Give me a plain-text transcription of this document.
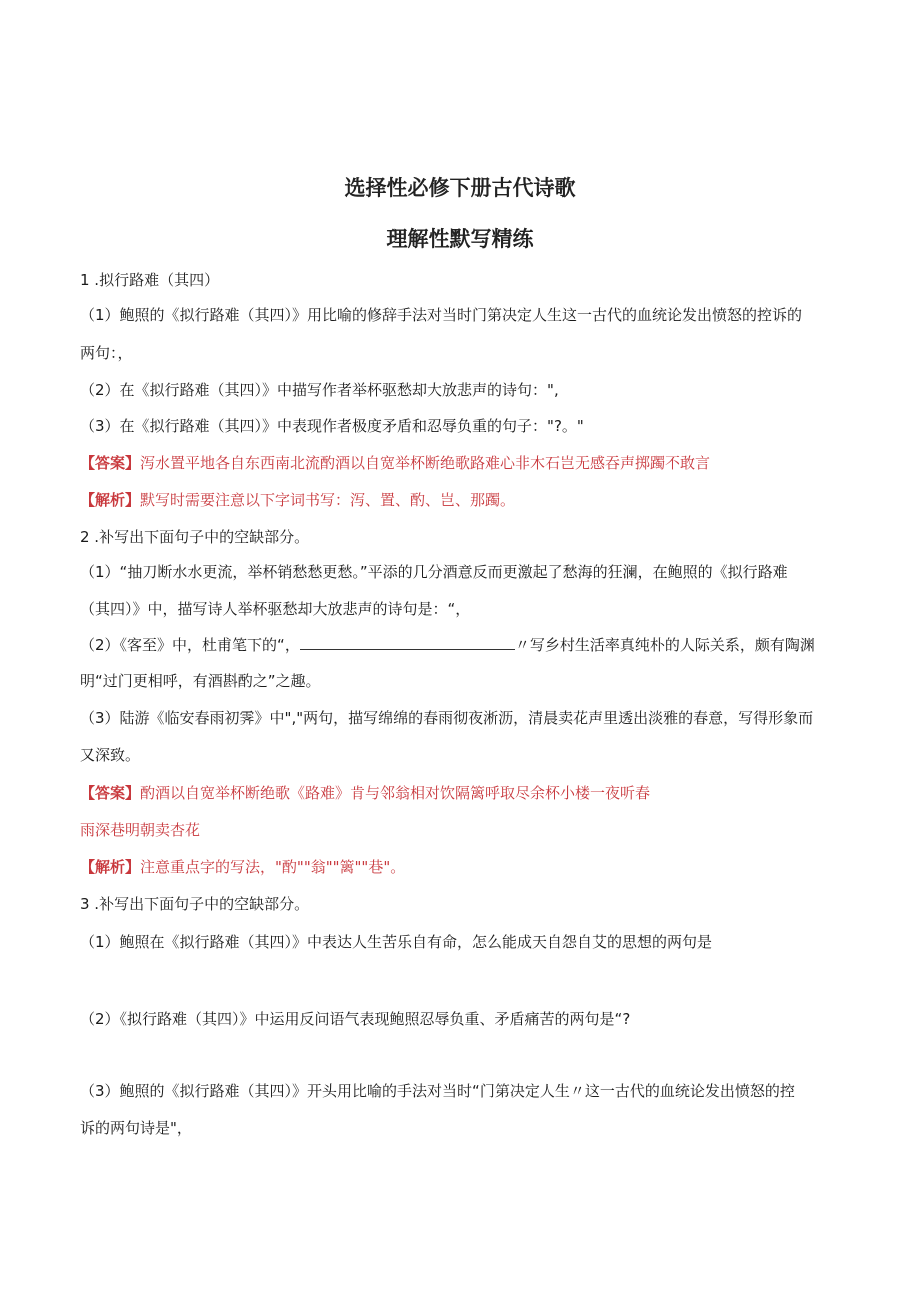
选择性必修下册古代诗歌
理解性默写精练
1 .拟行路难（其四）
（1）鲍照的《拟行路难（其四）》用比喻的修辞手法对当时门第决定人生这一古代的血统论发出愤怒的控诉的
两句：，
（2）在《拟行路难（其四）》中描写作者举杯驱愁却大放悲声的诗句：",
（3）在《拟行路难（其四）》中表现作者极度矛盾和忍辱负重的句子："?。"
【答案】泻水置平地各自东西南北流酌酒以自宽举杯断绝歌路难心非木石岂无感吞声掷躅不敢言
【解析】默写时需要注意以下字词书写：泻、置、酌、岂、那躅。
2 .补写出下面句子中的空缺部分。
（1）“抽刀断水水更流，举杯销愁愁更愁。”平添的几分酒意反而更激起了愁海的狂澜，在鲍照的《拟行路难
（其四）》中，描写诗人举杯驱愁却大放悲声的诗句是：“，
（2）《客至》中，杜甫笔下的“，	〃写乡村生活率真纯朴的人际关系，颇有陶渊
明“过门更相呼，有酒斟酌之”之趣。
（3）陆游《临安春雨初霁》中","两句，描写绵绵的春雨彻夜淅沥，清晨卖花声里透出淡雅的春意，写得形象而
又深致。
【答案】酌酒以自宽举杯断绝歌《路难》肯与邻翁相对饮隔篱呼取尽余杯小楼一夜听春
雨深巷明朝卖杏花
【解析】注意重点字的写法，"酌""翁""篱""巷"。
3 .补写出下面句子中的空缺部分。
（1）鲍照在《拟行路难（其四）》中表达人生苦乐自有命，怎么能成天自怨自艾的思想的两句是
（2）《拟行路难（其四）》中运用反问语气表现鲍照忍辱负重、矛盾痛苦的两句是“?
（3）鲍照的《拟行路难（其四）》开头用比喻的手法对当时“门第决定人生〃这一古代的血统论发出愤怒的控
诉的两句诗是"，
